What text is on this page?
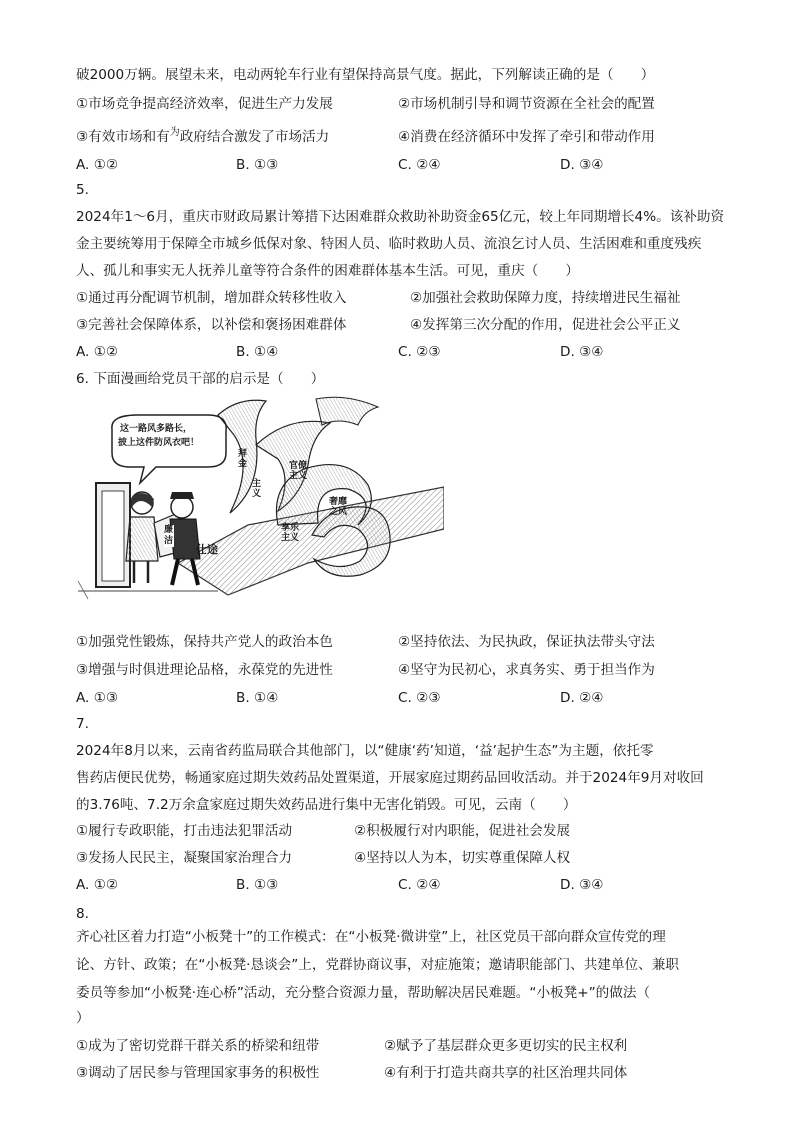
破2000万辆。展望未来，电动两轮车行业有望保持高景气度。据此，下列解读正确的是（　　）
①市场竞争提高经济效率，促进生产力发展	②市场机制引导和调节资源在全社会的配置
③有效市场和有$^为$政府结合激发了市场活力	④消费在经济循环中发挥了牵引和带动作用
A. ①②	B. ①③	C. ②④	D. ③④
5.
2024年1～6月，重庆市财政局累计筹措下达困难群众救助补助资金65亿元，较上年同期增长4%。该补助资
金主要统筹用于保障全市城乡低保对象、特困人员、临时救助人员、流浪乞讨人员、生活困难和重度残疾
人、孤儿和事实无人抚养儿童等符合条件的困难群体基本生活。可见，重庆（　　）
①通过再分配调节机制，增加群众转移性收入	②加强社会救助保障力度，持续增进民生福祉
③完善社会保障体系，以补偿和褒扬困难群体	④发挥第三次分配的作用，促进社会公平正义
A. ①②	B. ①④	C. ②③	D. ③④
6. 下面漫画给党员干部的启示是（　　）
这一路风多路长，
披上这件防风衣吧！
廉洁
仕途
拜金
主义
官僚
主义
奢靡
之风
享乐
主义
①加强党性锻炼，保持共产党人的政治本色	②坚持依法、为民执政，保证执法带头守法
③增强与时俱进理论品格，永葆党的先进性	④坚守为民初心，求真务实、勇于担当作为
A. ①③	B. ①④	C. ②③	D. ②④
7.
2024年8月以来，云南省药监局联合其他部门，以“健康‘药’知道，‘益’起护生态”为主题，依托零
售药店便民优势，畅通家庭过期失效药品处置渠道，开展家庭过期药品回收活动。并于2024年9月对收回
的3.76吨、7.2万余盒家庭过期失效药品进行集中无害化销毁。可见，云南（　　）
①履行专政职能，打击违法犯罪活动	②积极履行对内职能，促进社会发展
③发扬人民民主，凝聚国家治理合力	④坚持以人为本，切实尊重保障人权
A. ①②	B. ①③	C. ②④	D. ③④
8.
齐心社区着力打造“小板凳十”的工作模式：在“小板凳·微讲堂”上，社区党员干部向群众宣传党的理
论、方针、政策；在“小板凳·恳谈会”上，党群协商议事，对症施策；邀请职能部门、共建单位、兼职
委员等参加“小板凳·连心桥”活动，充分整合资源力量，帮助解决居民难题。“小板凳+”的做法（
）
①成为了密切党群干群关系的桥梁和纽带	②赋予了基层群众更多更切实的民主权利
③调动了居民参与管理国家事务的积极性	④有利于打造共商共享的社区治理共同体
